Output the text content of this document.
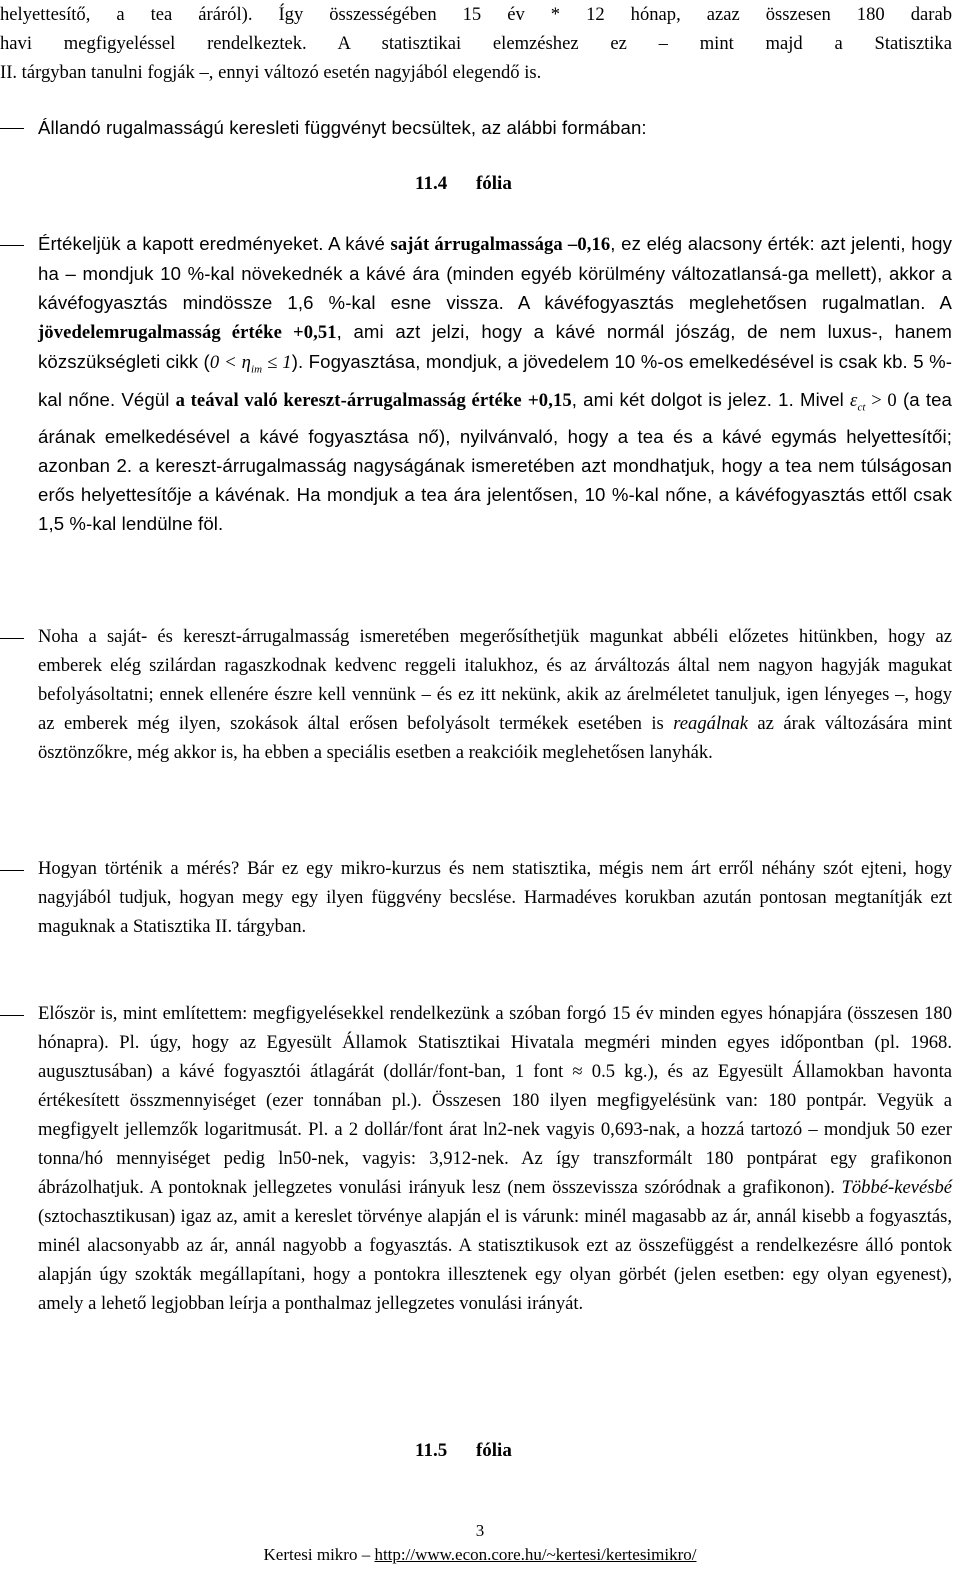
helyettesítő, a tea áráról). Így összességében 15 év * 12 hónap, azaz összesen 180 darab
havi megfigyeléssel rendelkeztek. A statisztikai elemzéshez ez – mint majd a Statisztika
II. tárgyban tanulni fogják –, ennyi változó esetén nagyjából elegendő is.

Állandó rugalmasságú keresleti függvényt becsültek, az alábbi formában:

11.4 fólia

Értékeljük a kapott eredményeket. A kávé saját árrugalmassága –0,16, ez elég alacsony érték: azt jelenti, hogy ha – mondjuk 10 %-kal növekednék a kávé ára (minden egyéb körülmény változatlansá-ga mellett), akkor a kávéfogyasztás mindössze 1,6 %-kal esne vissza. A kávéfogyasztás meglehetősen rugalmatlan. A jövedelemrugalmasság értéke +0,51, ami azt jelzi, hogy a kávé normál jószág, de nem luxus-, hanem közszükségleti cikk $(0 < \eta_{im} \le 1)$. Fogyasztása, mondjuk, a jövedelem 10 %-os emelkedésével is csak kb. 5 %-kal nőne. Végül a teával való kereszt-árrugalmasság értéke +0,15, ami két dolgot is jelez. 1. Mivel $\varepsilon_{ct} > 0$ (a tea árának emelkedésével a kávé fogyasztása nő), nyilvánvaló, hogy a tea és a kávé egymás helyettesítői; azonban 2. a kereszt-árrugalmasság nagyságának ismeretében azt mondhatjuk, hogy a tea nem túlságosan erős helyettesítője a kávénak. Ha mondjuk a tea ára jelentősen, 10 %-kal nőne, a kávéfogyasztás ettől csak 1,5 %-kal lendülne föl.

Noha a saját- és kereszt-árrugalmasság ismeretében megerősíthetjük magunkat abbéli előzetes hitünkben, hogy az emberek elég szilárdan ragaszkodnak kedvenc reggeli italukhoz, és az árváltozás által nem nagyon hagyják magukat befolyásoltatni; ennek ellenére észre kell vennünk – és ez itt nekünk, akik az árelméletet tanuljuk, igen lényeges –, hogy az emberek még ilyen, szokások által erősen befolyásolt termékek esetében is reagálnak az árak változására mint ösztönzőkre, még akkor is, ha ebben a speciális esetben a reakcióik meglehetősen lanyhák.

Hogyan történik a mérés? Bár ez egy mikro-kurzus és nem statisztika, mégis nem árt erről néhány szót ejteni, hogy nagyjából tudjuk, hogyan megy egy ilyen függvény becslése. Harmadéves korukban azután pontosan megtanítják ezt maguknak a Statisztika II. tárgyban.

Először is, mint említettem: megfigyelésekkel rendelkezünk a szóban forgó 15 év minden egyes hónapjára (összesen 180 hónapra). Pl. úgy, hogy az Egyesült Államok Statisztikai Hivatala megméri minden egyes időpontban (pl. 1968. augusztusában) a kávé fogyasztói átlagárát (dollár/font-ban, 1 font ≈ 0.5 kg.), és az Egyesült Államokban havonta értékesített összmennyiséget (ezer tonnában pl.). Összesen 180 ilyen megfigyelésünk van: 180 pontpár. Vegyük a megfigyelt jellemzők logaritmusát. Pl. a 2 dollár/font árat ln2-nek vagyis 0,693-nak, a hozzá tartozó – mondjuk 50 ezer tonna/hó mennyiséget pedig ln50-nek, vagyis: 3,912-nek. Az így transzformált 180 pontpárat egy grafikonon ábrázolhatjuk. A pontoknak jellegzetes vonulási irányuk lesz (nem összevissza szóródnak a grafikonon). Többé-kevésbé (sztochasztikusan) igaz az, amit a kereslet törvénye alapján el is várunk: minél magasabb az ár, annál kisebb a fogyasztás, minél alacsonyabb az ár, annál nagyobb a fogyasztás. A statisztikusok ezt az összefüggést a rendelkezésre álló pontok alapján úgy szokták megállapítani, hogy a pontokra illesztenek egy olyan görbét (jelen esetben: egy olyan egyenest), amely a lehető legjobban leírja a ponthalmaz jellegzetes vonulási irányát.

11.5 fólia
3
Kertesi mikro – http://www.econ.core.hu/~kertesi/kertesimikro/
